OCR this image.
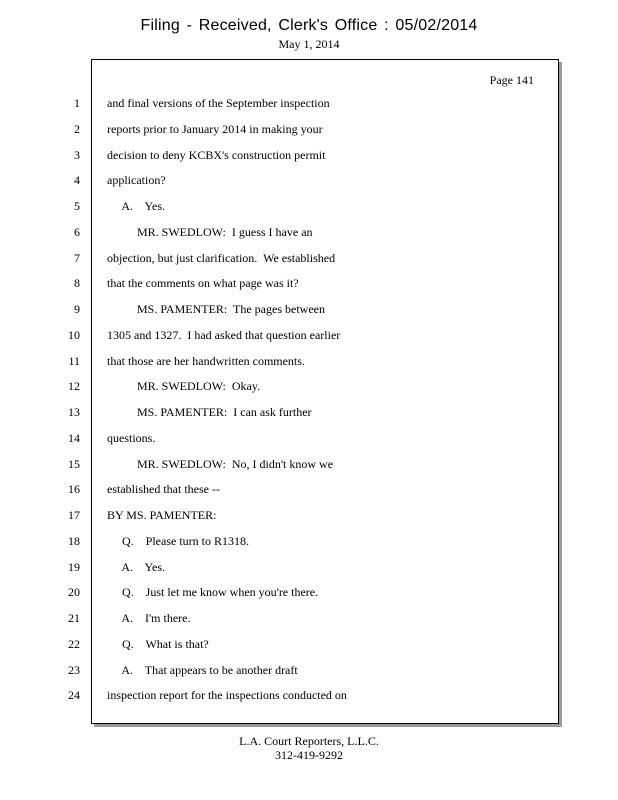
Filing - Received, Clerk's Office : 05/02/2014
May 1, 2014
Page 141
1 and final versions of the September inspection
2 reports prior to January 2014 in making your
3 decision to deny KCBX's construction permit
4 application?
5 A.    Yes.
6 MR. SWEDLOW:  I guess I have an
7 objection, but just clarification.  We established
8 that the comments on what page was it?
9 MS. PAMENTER:  The pages between
10 1305 and 1327.  I had asked that question earlier
11 that those are her handwritten comments.
12 MR. SWEDLOW:  Okay.
13 MS. PAMENTER:  I can ask further
14 questions.
15 MR. SWEDLOW:  No, I didn't know we
16 established that these --
17 BY MS. PAMENTER:
18 Q.    Please turn to R1318.
19 A.    Yes.
20 Q.    Just let me know when you're there.
21 A.    I'm there.
22 Q.    What is that?
23 A.    That appears to be another draft
24 inspection report for the inspections conducted on
L.A. Court Reporters, L.L.C.
312-419-9292
